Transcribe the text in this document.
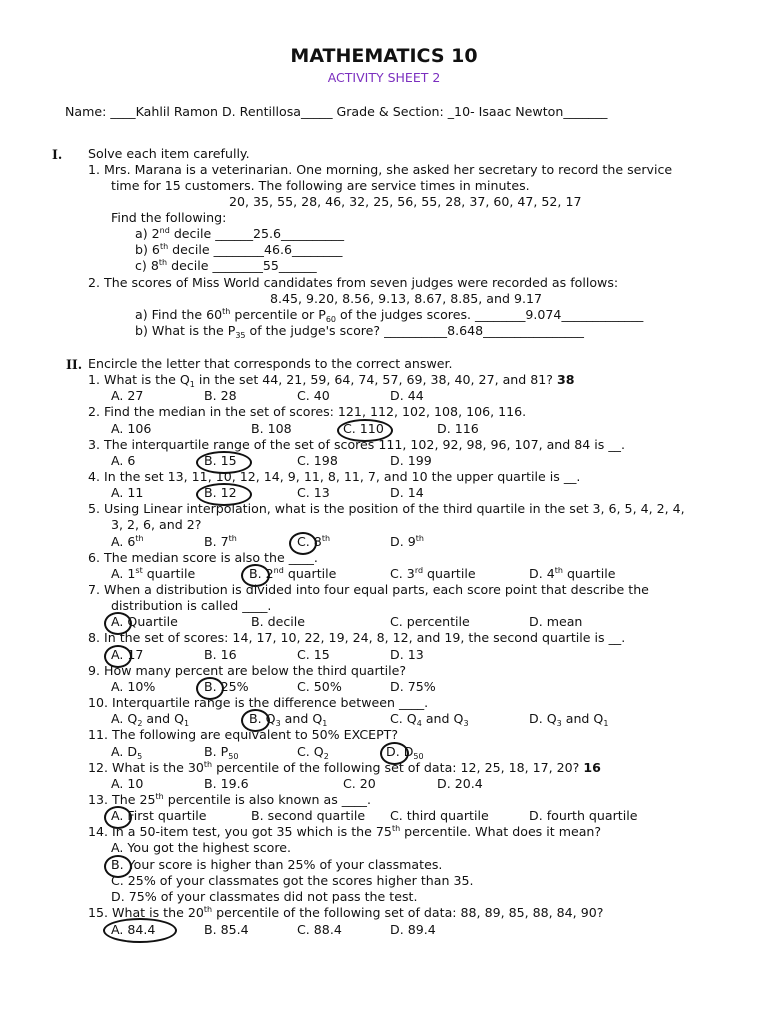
MATHEMATICS 10
ACTIVITY SHEET 2
Name: ____Kahlil Ramon D. Rentillosa_____ Grade & Section: _10- Isaac Newton_______
I. Solve each item carefully.
1. Mrs. Marana is a veterinarian. One morning, she asked her secretary to record the service
time for 15 customers. The following are service times in minutes.
20, 35, 55, 28, 46, 32, 25, 56, 55, 28, 37, 60, 47, 52, 17
Find the following:
a) 2nd decile ______25.6__________
b) 6th decile ________46.6________
c) 8th decile ________55______
2. The scores of Miss World candidates from seven judges were recorded as follows:
8.45, 9.20, 8.56, 9.13, 8.67, 8.85, and 9.17
a) Find the 60th percentile or $P_{60}$ of the judges scores. ________9.074_____________
b) What is the $P_{35}$ of the judge's score? __________8.648________________
II. Encircle the letter that corresponds to the correct answer.
1. What is the $Q_1$ in the set 44, 21, 59, 64, 74, 57, 69, 38, 40, 27, and 81? 38
A. 27	B. 28	C. 40	D. 44
2. Find the median in the set of scores: 121, 112, 102, 108, 106, 116.
A. 106	B. 108	C. 110	D. 116
3. The interquartile range of the set of scores 111, 102, 92, 98, 96, 107, and 84 is __.
A. 6	B. 15	C. 198	D. 199
4. In the set 13, 11, 10, 12, 14, 9, 11, 8, 11, 7, and 10 the upper quartile is __.
A. 11	B. 12	C. 13	D. 14
5. Using Linear interpolation, what is the position of the third quartile in the set 3, 6, 5, 4, 2, 4,
3, 2, 6, and 2?
A. 6th	B. 7th	C. 8th	D. 9th
6. The median score is also the ____.
A. 1st quartile	B. 2nd quartile	C. 3rd quartile	D. 4th quartile
7. When a distribution is divided into four equal parts, each score point that describe the
distribution is called ____.
A. Quartile	B. decile	C. percentile	D. mean
8. In the set of scores: 14, 17, 10, 22, 19, 24, 8, 12, and 19, the second quartile is __.
A. 17	B. 16	C. 15	D. 13
9. How many percent are below the third quartile?
A. 10%	B. 25%	C. 50%	D. 75%
10. Interquartile range is the difference between ____.
A. $Q_2$ and $Q_1$	B. $Q_3$ and $Q_1$	C. $Q_4$ and $Q_3$	D. $Q_3$ and $Q_1$
11. The following are equivalent to 50% EXCEPT?
A. $D_5$	B. $P_{50}$	C. $Q_2$	D. $D_{50}$
12. What is the 30th percentile of the following set of data: 12, 25, 18, 17, 20? 16
A. 10	B. 19.6	C. 20	D. 20.4
13. The 25th percentile is also known as ____.
A. First quartile	B. second quartile C. third quartile	D. fourth quartile
14. In a 50-item test, you got 35 which is the 75th percentile. What does it mean?
A. You got the highest score.
B. Your score is higher than 25% of your classmates.
C. 25% of your classmates got the scores higher than 35.
D. 75% of your classmates did not pass the test.
15. What is the 20th percentile of the following set of data: 88, 89, 85, 88, 84, 90?
A. 84.4	B. 85.4	C. 88.4	D. 89.4
